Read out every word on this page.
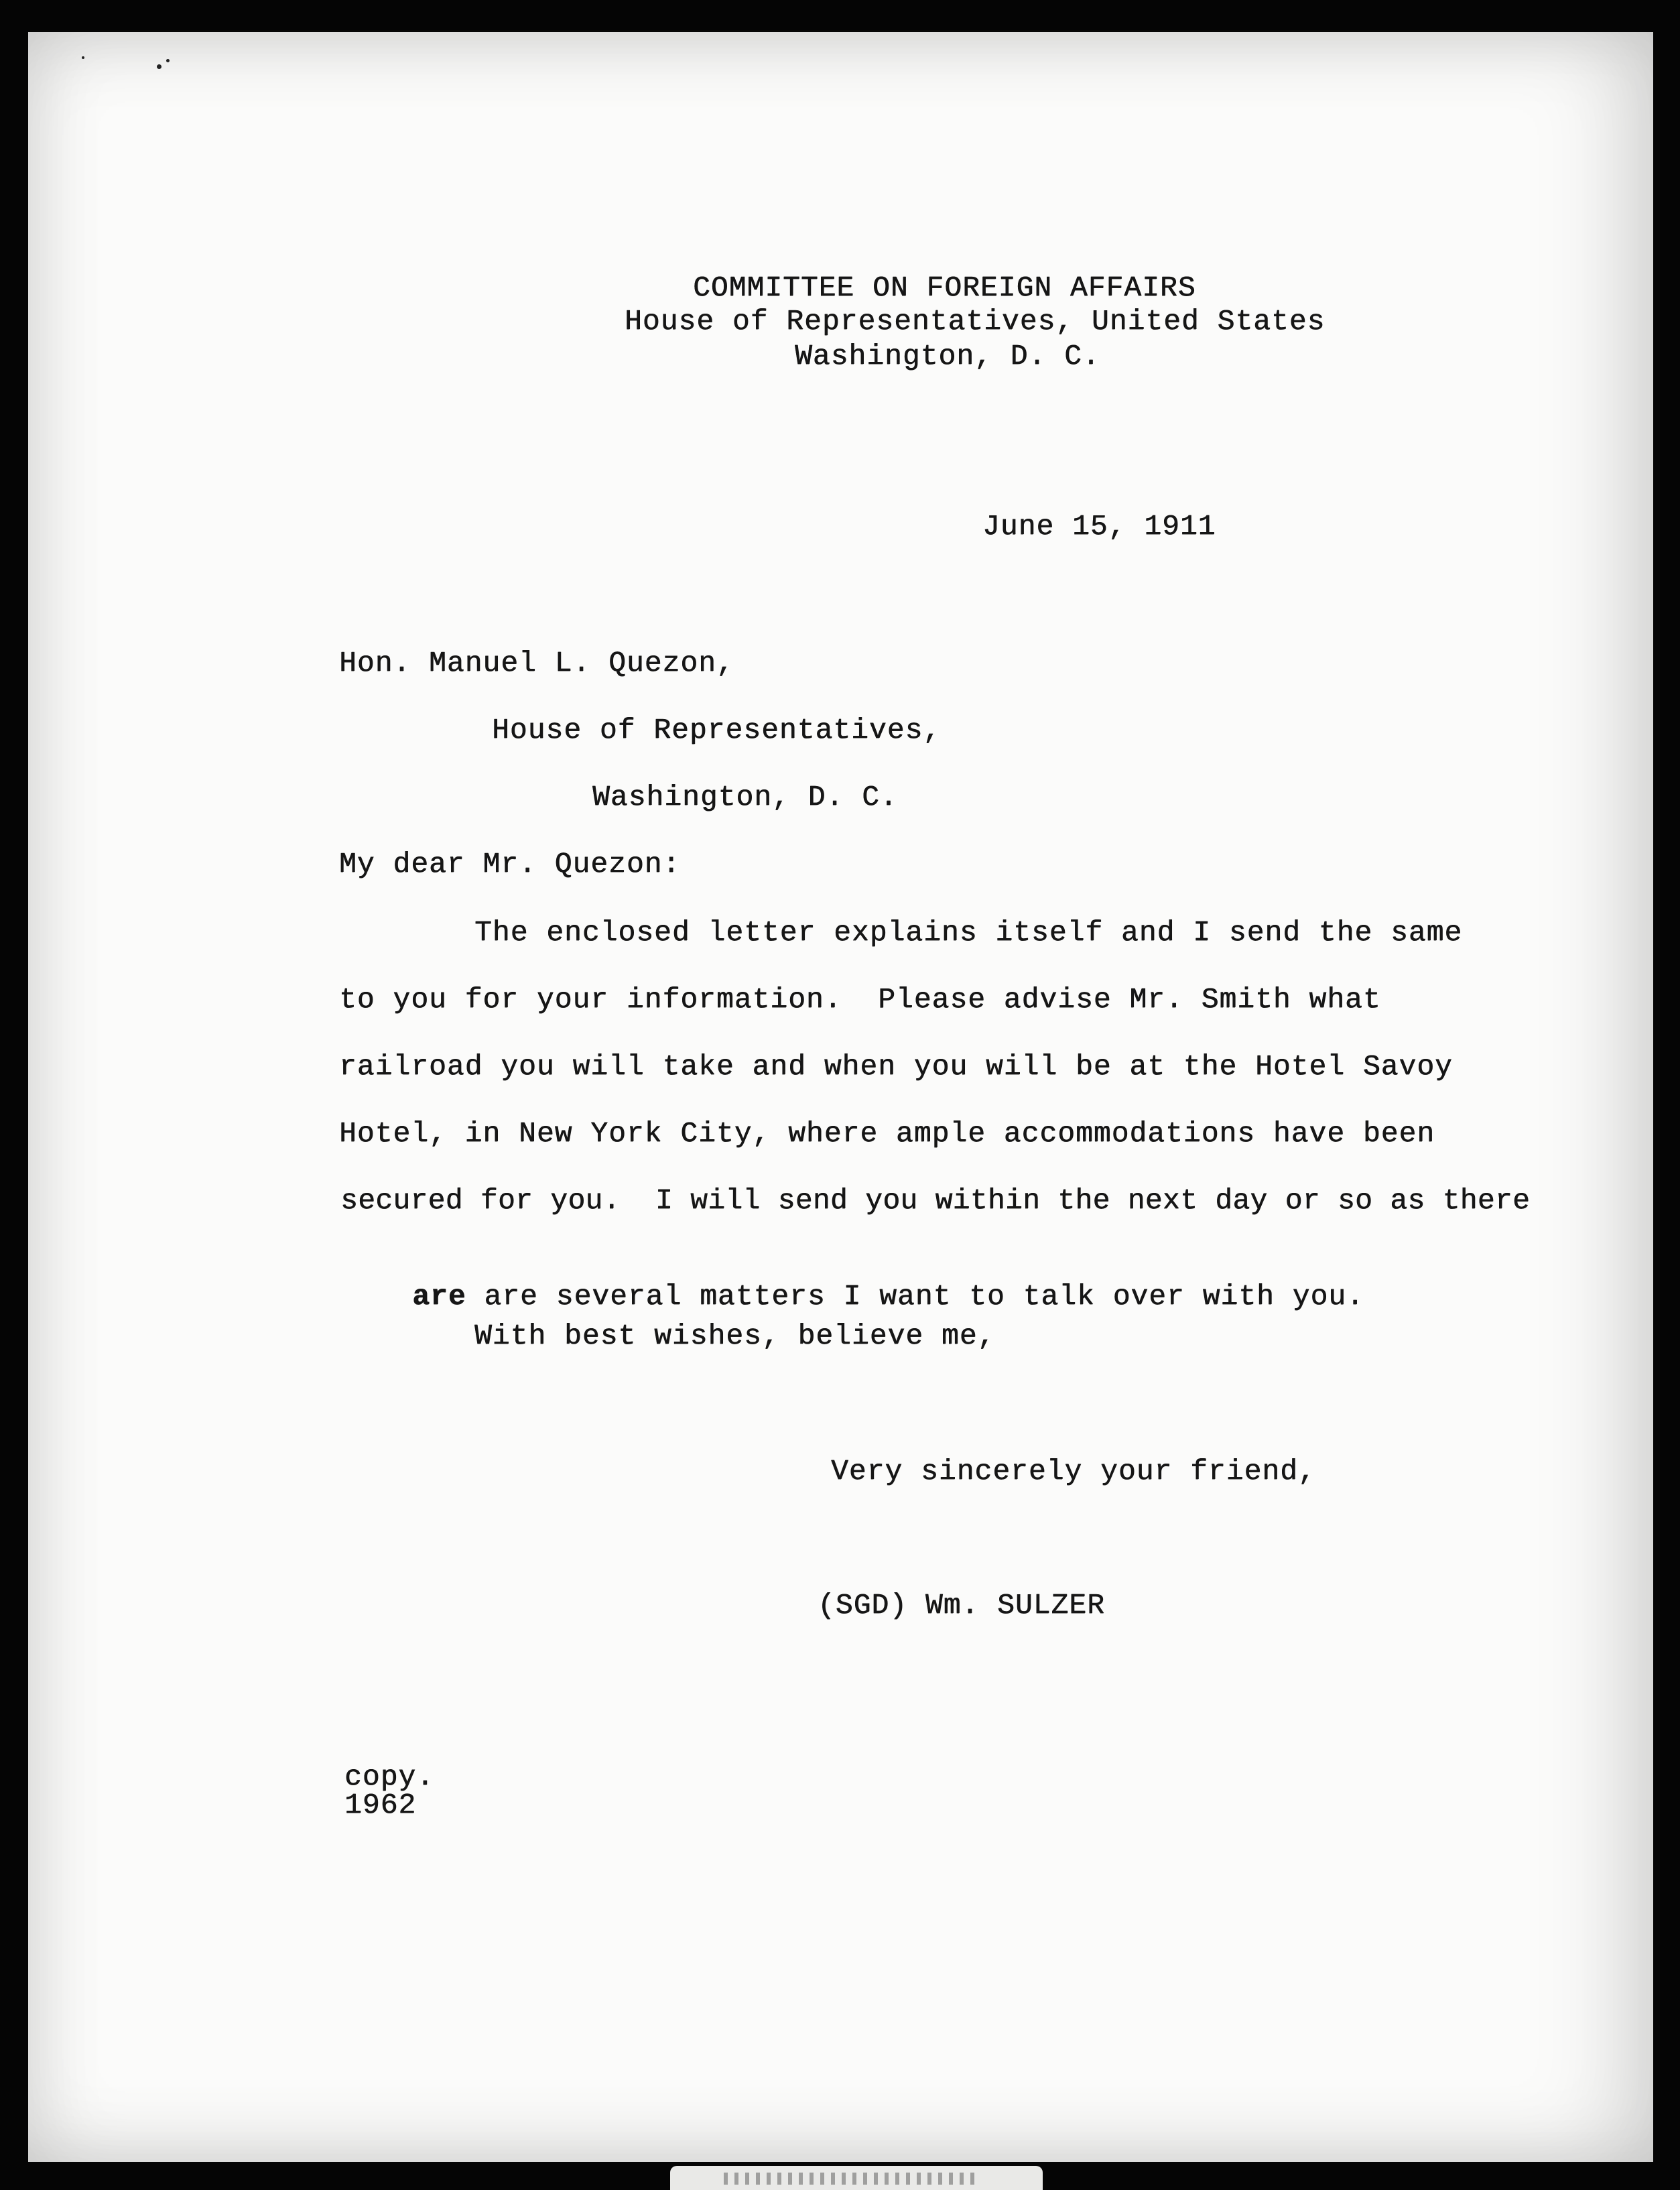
COMMITTEE ON FOREIGN AFFAIRS
House of Representatives, United States
Washington, D. C.
June 15, 1911
Hon. Manuel L. Quezon,
House of Representatives,
Washington, D. C.
My dear Mr. Quezon:
The enclosed letter explains itself and I send the same
to you for your information.  Please advise Mr. Smith what
railroad you will take and when you will be at the Hotel Savoy
Hotel, in New York City, where ample accommodations have been
secured for you.  I will send you within the next day or so as there

are are several matters I want to talk over with you.

With best wishes, believe me,
Very sincerely your friend,
(SGD) Wm. SULZER
copy.
1962
